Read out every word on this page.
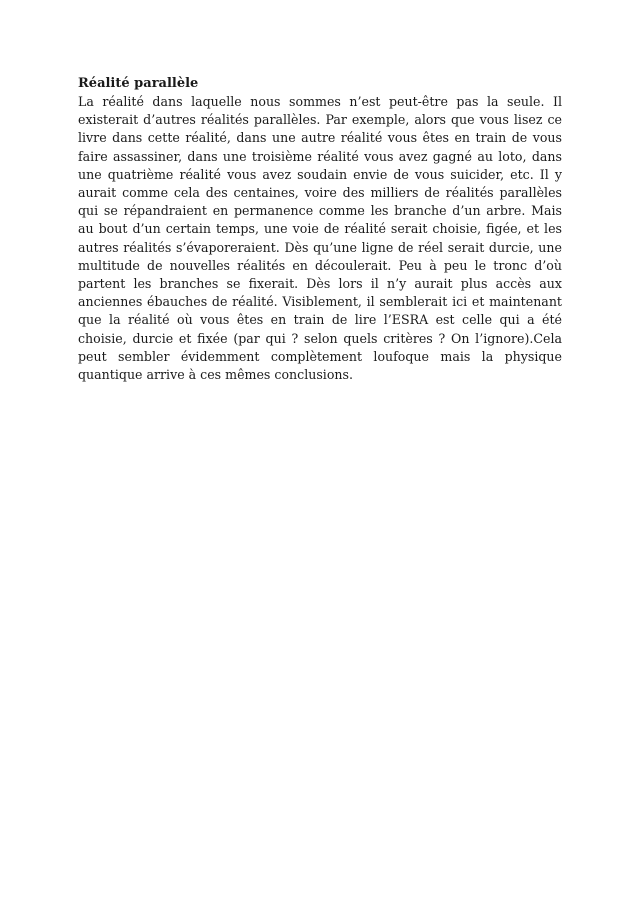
Réalité parallèle

La réalité dans laquelle nous sommes n’est peut-être pas la seule. Il existerait d’autres réalités parallèles. Par exemple, alors que vous lisez ce livre dans cette réalité, dans une autre réalité vous êtes en train de vous faire assassiner, dans une troisième réalité vous avez gagné au loto, dans une quatrième réalité vous avez soudain envie de vous suicider, etc. Il y aurait comme cela des centaines, voire des milliers de réalités parallèles qui se répandraient en permanence comme les branche d’un arbre. Mais au bout d’un certain temps, une voie de réalité serait choisie, figée, et les autres réalités s’évaporeraient. Dès qu’une ligne de réel serait durcie, une multitude de nouvelles réalités en découlerait. Peu à peu le tronc d’où partent les branches se fixerait. Dès lors il n’y aurait plus accès aux anciennes ébauches de réalité. Visiblement, il semblerait ici et maintenant que la réalité où vous êtes en train de lire l’ESRA est celle qui a été choisie, durcie et fixée (par qui ? selon quels critères ? On l’ignore).Cela peut sembler évidemment complètement loufoque mais la physique quantique arrive à ces mêmes conclusions.
